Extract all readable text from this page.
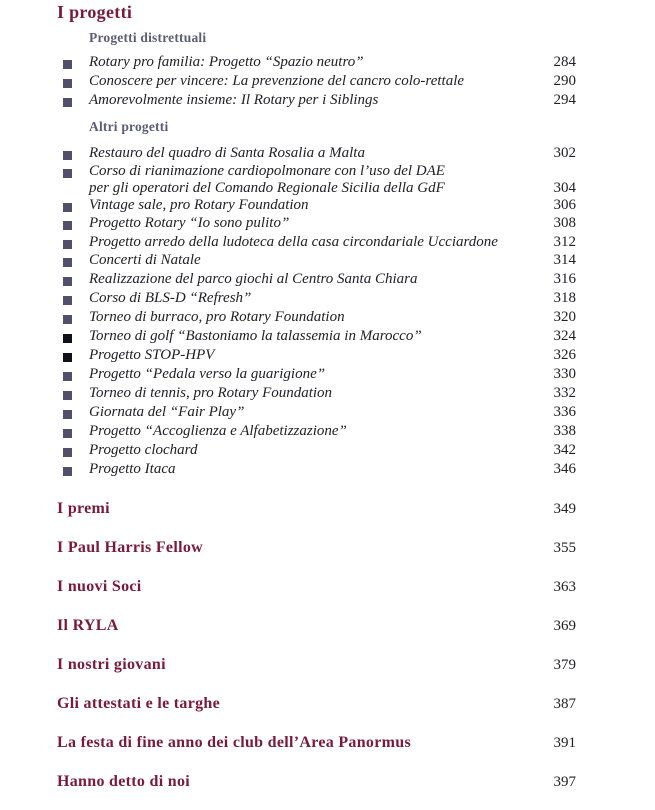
I progetti
Progetti distrettuali
Rotary pro familia: Progetto “Spazio neutro”	284
Conoscere per vincere: La prevenzione del cancro colo-rettale	290
Amorevolmente insieme: Il Rotary per i Siblings	294
Altri progetti
Restauro del quadro di Santa Rosalia a Malta	302
Corso di rianimazione cardiopolmonare con l’uso del DAE
per gli operatori del Comando Regionale Sicilia della GdF	304
Vintage sale, pro Rotary Foundation	306
Progetto Rotary “Io sono pulito”	308
Progetto arredo della ludoteca della casa circondariale Ucciardone	312
Concerti di Natale	314
Realizzazione del parco giochi al Centro Santa Chiara	316
Corso di BLS-D “Refresh”	318
Torneo di burraco, pro Rotary Foundation	320
Torneo di golf “Bastoniamo la talassemia in Marocco”	324
Progetto STOP-HPV	326
Progetto “Pedala verso la guarigione”	330
Torneo di tennis, pro Rotary Foundation	332
Giornata del “Fair Play”	336
Progetto “Accoglienza e Alfabetizzazione”	338
Progetto clochard	342
Progetto Itaca	346
I premi	349
I Paul Harris Fellow	355
I nuovi Soci	363
Il RYLA	369
I nostri giovani	379
Gli attestati e le targhe	387
La festa di fine anno dei club dell’Area Panormus	391
Hanno detto di noi	397
